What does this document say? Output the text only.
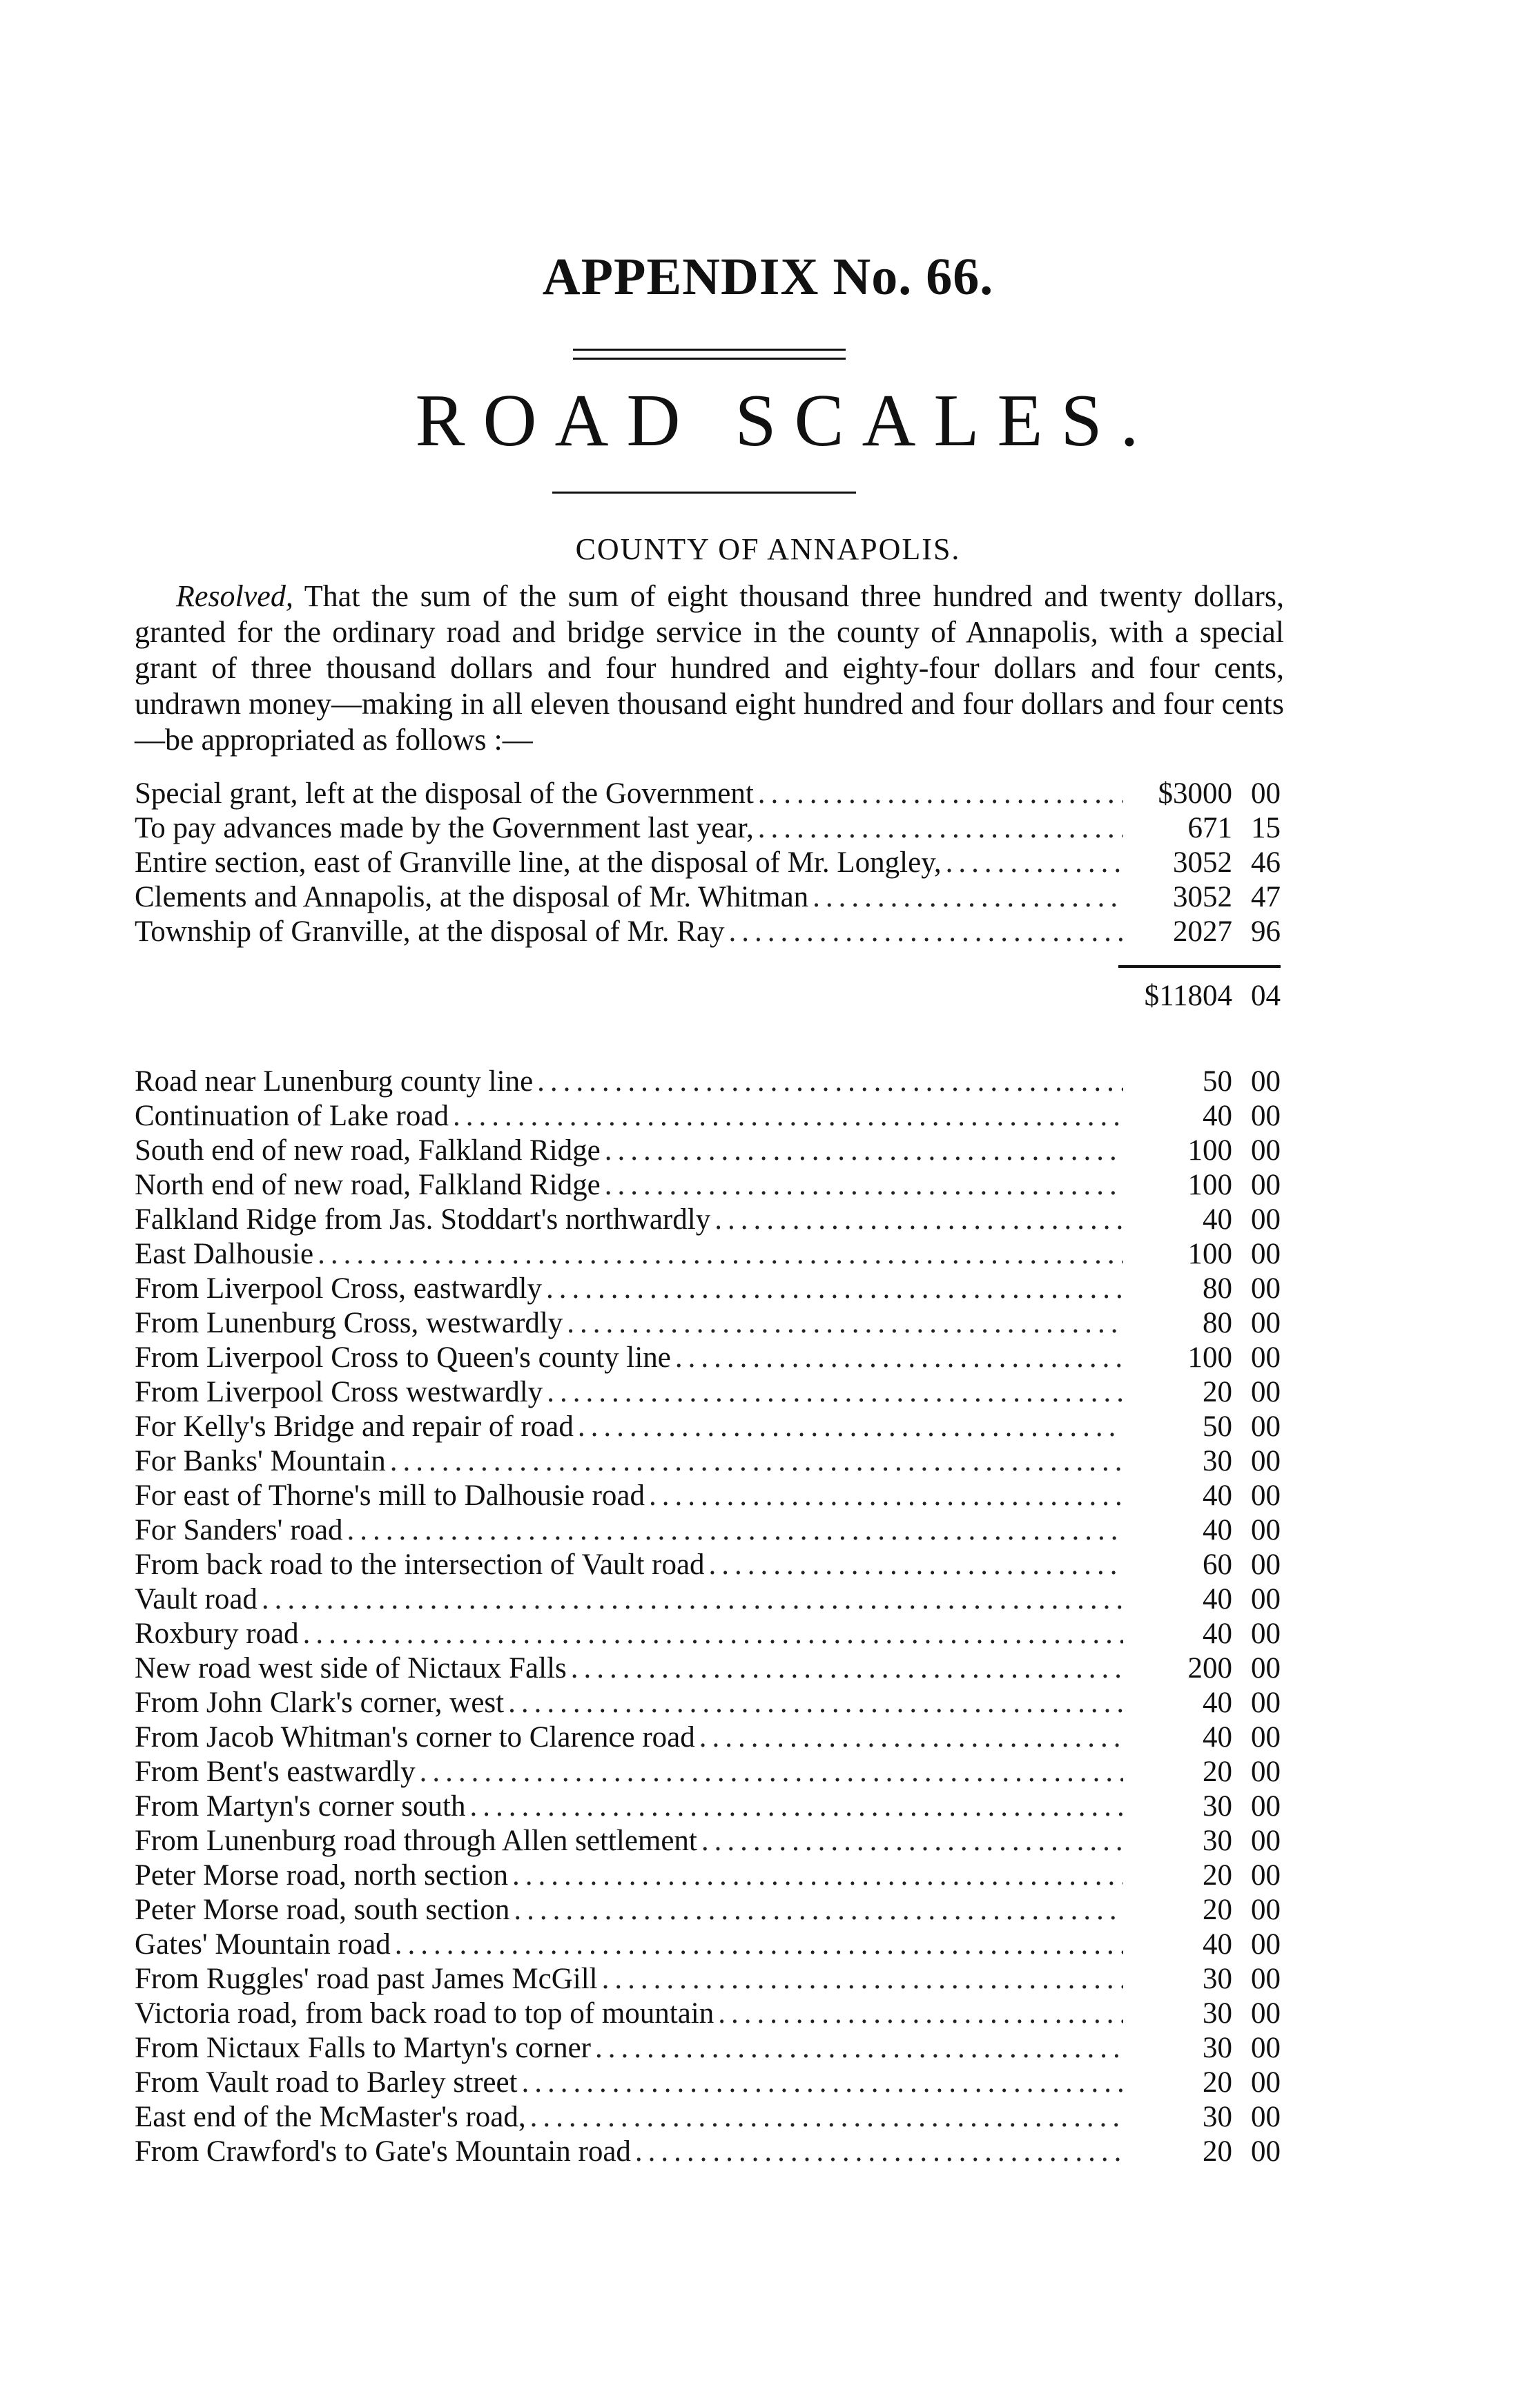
APPENDIX No. 66.
ROAD SCALES.
COUNTY OF ANNAPOLIS.
Resolved, That the sum of the sum of eight thousand three hundred and twenty dollars, granted for the ordinary road and bridge service in the county of Annapolis, with a special grant of three thousand dollars and four hundred and eighty-four dollars and four cents, undrawn money—making in all eleven thousand eight hundred and four dollars and four cents—be appropriated as follows :—
Special grant, left at the disposal of the Government .....	$3000 00
To pay advances made by the Government last year, .....	671 15
Entire section, east of Granville line, at the disposal of Mr. Longley, .....	3052 46
Clements and Annapolis, at the disposal of Mr. Whitman .....	3052 47
Township of Granville, at the disposal of Mr. Ray .....	2027 96
$11804 04
Road near Lunenburg county line .....	50 00
Continuation of Lake road .....	40 00
South end of new road, Falkland Ridge .....	100 00
North end of new road, Falkland Ridge .....	100 00
Falkland Ridge from Jas. Stoddart's northwardly .....	40 00
East Dalhousie .....	100 00
From Liverpool Cross, eastwardly .....	80 00
From Lunenburg Cross, westwardly .....	80 00
From Liverpool Cross to Queen's county line .....	100 00
From Liverpool Cross westwardly .....	20 00
For Kelly's Bridge and repair of road .....	50 00
For Banks' Mountain .....	30 00
For east of Thorne's mill to Dalhousie road .....	40 00
For Sanders' road .....	40 00
From back road to the intersection of Vault road .....	60 00
Vault road .....	40 00
Roxbury road .....	40 00
New road west side of Nictaux Falls .....	200 00
From John Clark's corner, west .....	40 00
From Jacob Whitman's corner to Clarence road .....	40 00
From Bent's eastwardly .....	20 00
From Martyn's corner south .....	30 00
From Lunenburg road through Allen settlement .....	30 00
Peter Morse road, north section .....	20 00
Peter Morse road, south section .....	20 00
Gates' Mountain road .....	40 00
From Ruggles' road past James McGill .....	30 00
Victoria road, from back road to top of mountain .....	30 00
From Nictaux Falls to Martyn's corner .....	30 00
From Vault road to Barley street .....	20 00
East end of the McMaster's road, .....	30 00
From Crawford's to Gate's Mountain road .....	20 00
